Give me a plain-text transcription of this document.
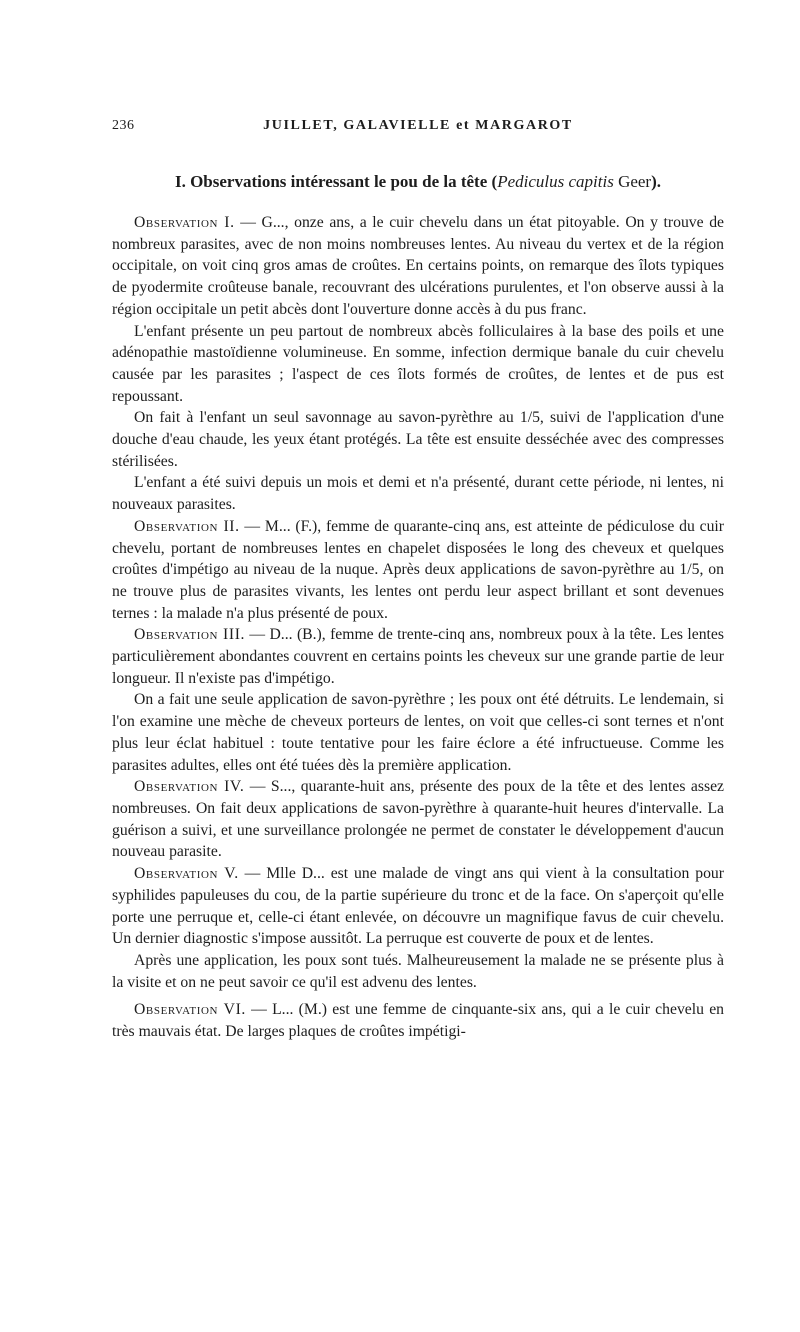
236	JUILLET, GALAVIELLE et MARGAROT
I. Observations intéressant le pou de la tête (Pediculus capitis Geer).

Observation I. — G..., onze ans, a le cuir chevelu dans un état pitoyable. On y trouve de nombreux parasites, avec de non moins nombreuses lentes. Au niveau du vertex et de la région occipitale, on voit cinq gros amas de croûtes. En certains points, on remarque des îlots typiques de pyodermite croûteuse banale, recouvrant des ulcérations purulentes, et l'on observe aussi à la région occipitale un petit abcès dont l'ouverture donne accès à du pus franc.

L'enfant présente un peu partout de nombreux abcès folliculaires à la base des poils et une adénopathie mastoïdienne volumineuse. En somme, infection dermique banale du cuir chevelu causée par les parasites ; l'aspect de ces îlots formés de croûtes, de lentes et de pus est repoussant.

On fait à l'enfant un seul savonnage au savon-pyrèthre au 1/5, suivi de l'application d'une douche d'eau chaude, les yeux étant protégés. La tête est ensuite desséchée avec des compresses stérilisées.

L'enfant a été suivi depuis un mois et demi et n'a présenté, durant cette période, ni lentes, ni nouveaux parasites.

Observation II. — M... (F.), femme de quarante-cinq ans, est atteinte de pédiculose du cuir chevelu, portant de nombreuses lentes en chapelet disposées le long des cheveux et quelques croûtes d'impétigo au niveau de la nuque. Après deux applications de savon-pyrèthre au 1/5, on ne trouve plus de parasites vivants, les lentes ont perdu leur aspect brillant et sont devenues ternes : la malade n'a plus présenté de poux.

Observation III. — D... (B.), femme de trente-cinq ans, nombreux poux à la tête. Les lentes particulièrement abondantes couvrent en certains points les cheveux sur une grande partie de leur longueur. Il n'existe pas d'impétigo.

On a fait une seule application de savon-pyrèthre ; les poux ont été détruits. Le lendemain, si l'on examine une mèche de cheveux porteurs de lentes, on voit que celles-ci sont ternes et n'ont plus leur éclat habituel : toute tentative pour les faire éclore a été infructueuse. Comme les parasites adultes, elles ont été tuées dès la première application.

Observation IV. — S..., quarante-huit ans, présente des poux de la tête et des lentes assez nombreuses. On fait deux applications de savon-pyrèthre à quarante-huit heures d'intervalle. La guérison a suivi, et une surveillance prolongée ne permet de constater le développement d'aucun nouveau parasite.

Observation V. — Mlle D... est une malade de vingt ans qui vient à la consultation pour syphilides papuleuses du cou, de la partie supérieure du tronc et de la face. On s'aperçoit qu'elle porte une perruque et, celle-ci étant enlevée, on découvre un magnifique favus de cuir chevelu. Un dernier diagnostic s'impose aussitôt. La perruque est couverte de poux et de lentes.

Après une application, les poux sont tués. Malheureusement la malade ne se présente plus à la visite et on ne peut savoir ce qu'il est advenu des lentes.

Observation VI. — L... (M.) est une femme de cinquante-six ans, qui a le cuir chevelu en très mauvais état. De larges plaques de croûtes impétigi-
